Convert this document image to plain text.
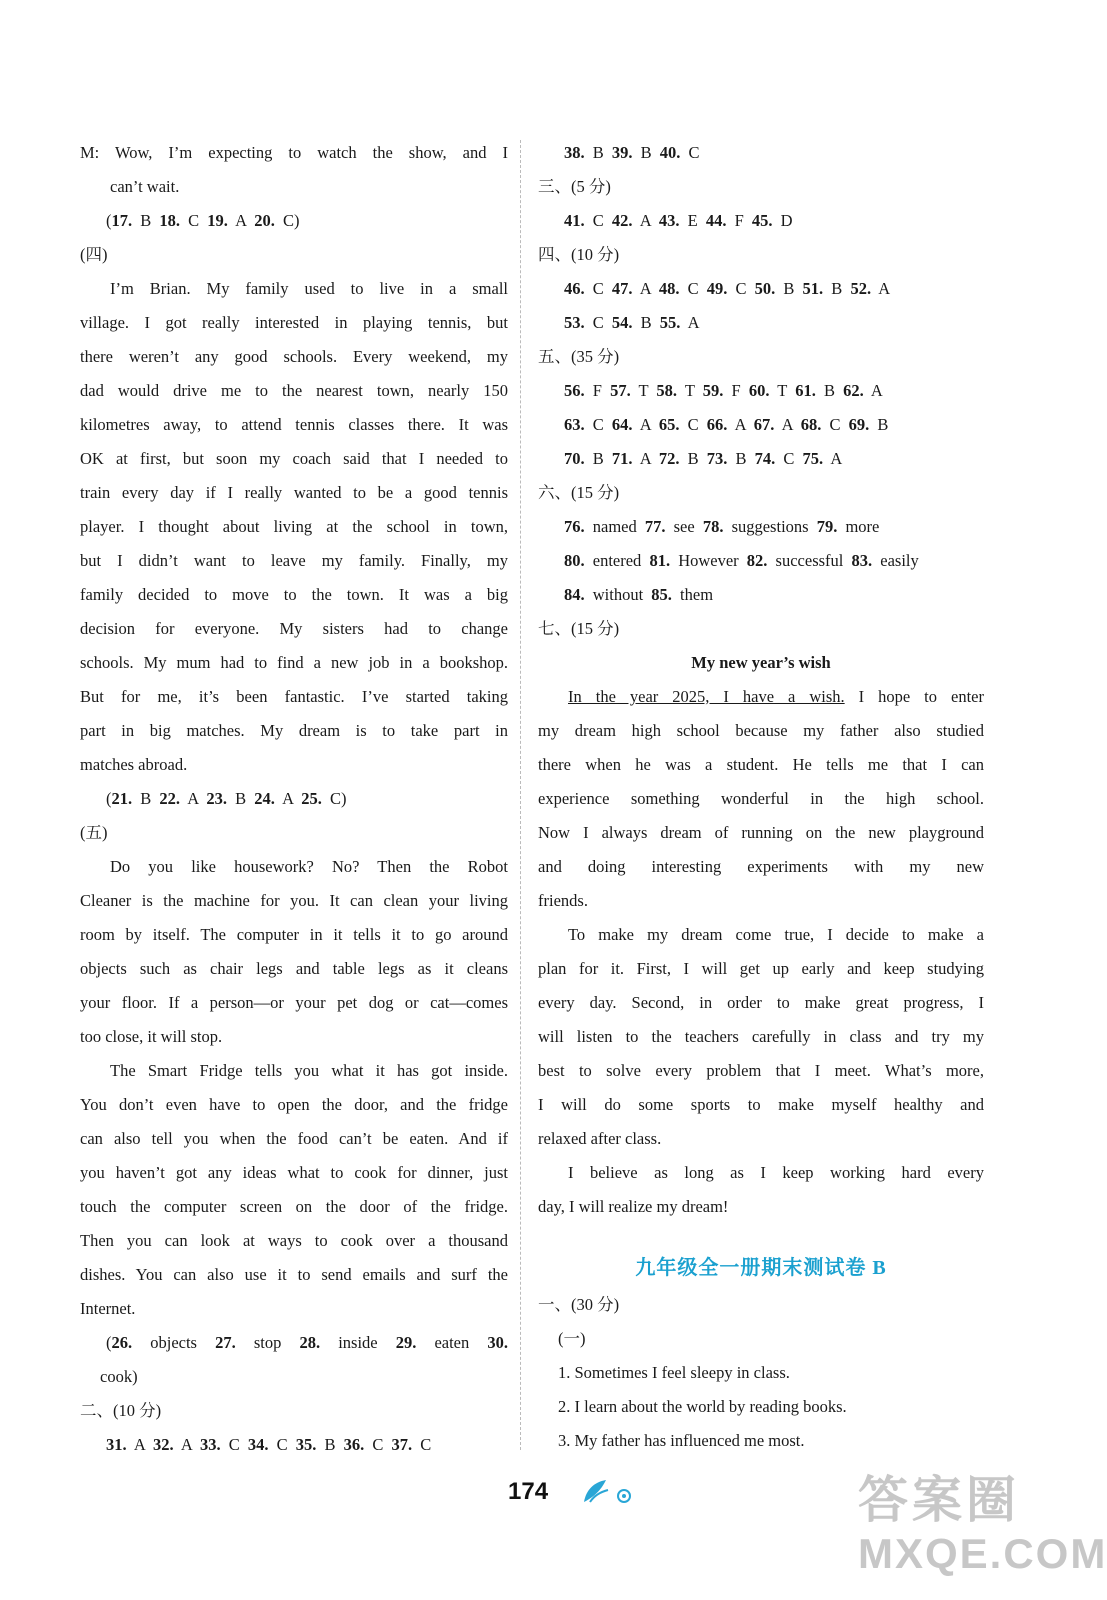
M: Wow, I’m expecting to watch the show, and I
can’t wait.
(17. B 18. C 19. A 20. C)
(四)
I’m Brian. My family used to live in a small
village. I got really interested in playing tennis, but
there weren’t any good schools. Every weekend, my
dad would drive me to the nearest town, nearly 150
kilometres away, to attend tennis classes there. It was
OK at first, but soon my coach said that I needed to
train every day if I really wanted to be a good tennis
player. I thought about living at the school in town,
but I didn’t want to leave my family. Finally, my
family decided to move to the town. It was a big
decision for everyone. My sisters had to change
schools. My mum had to find a new job in a bookshop.
But for me, it’s been fantastic. I’ve started taking
part in big matches. My dream is to take part in
matches abroad.
(21. B 22. A 23. B 24. A 25. C)
(五)
Do you like housework? No? Then the Robot
Cleaner is the machine for you. It can clean your living
room by itself. The computer in it tells it to go around
objects such as chair legs and table legs as it cleans
your floor. If a person—or your pet dog or cat—comes
too close, it will stop.
The Smart Fridge tells you what it has got inside.
You don’t even have to open the door, and the fridge
can also tell you when the food can’t be eaten. And if
you haven’t got any ideas what to cook for dinner, just
touch the computer screen on the door of the fridge.
Then you can look at ways to cook over a thousand
dishes. You can also use it to send emails and surf the
Internet.
(26. objects 27. stop 28. inside 29. eaten 30.
cook)
二、(10 分)
31. A 32. A 33. C 34. C 35. B 36. C 37. C
38. B 39. B 40. C
三、(5 分)
41. C 42. A 43. E 44. F 45. D
四、(10 分)
46. C 47. A 48. C 49. C 50. B 51. B 52. A
53. C 54. B 55. A
五、(35 分)
56. F 57. T 58. T 59. F 60. T 61. B 62. A
63. C 64. A 65. C 66. A 67. A 68. C 69. B
70. B 71. A 72. B 73. B 74. C 75. A
六、(15 分)
76. named 77. see 78. suggestions 79. more
80. entered 81. However 82. successful 83. easily
84. without 85. them
七、(15 分)
My new year’s wish
In the year 2025, I have a wish. I hope to enter
my dream high school because my father also studied
there when he was a student. He tells me that I can
experience something wonderful in the high school.
Now I always dream of running on the new playground
and doing interesting experiments with my new
friends.
To make my dream come true, I decide to make a
plan for it. First, I will get up early and keep studying
every day. Second, in order to make great progress, I
will listen to the teachers carefully in class and try my
best to solve every problem that I meet. What’s more,
I will do some sports to make myself healthy and
relaxed after class.
I believe as long as I keep working hard every
day, I will realize my dream!
九年级全一册期末测试卷 B
一、(30 分)
(一)
1. Sometimes I feel sleepy in class.
2. I learn about the world by reading books.
3. My father has influenced me most.
174	答案圈
MXQE.COM
